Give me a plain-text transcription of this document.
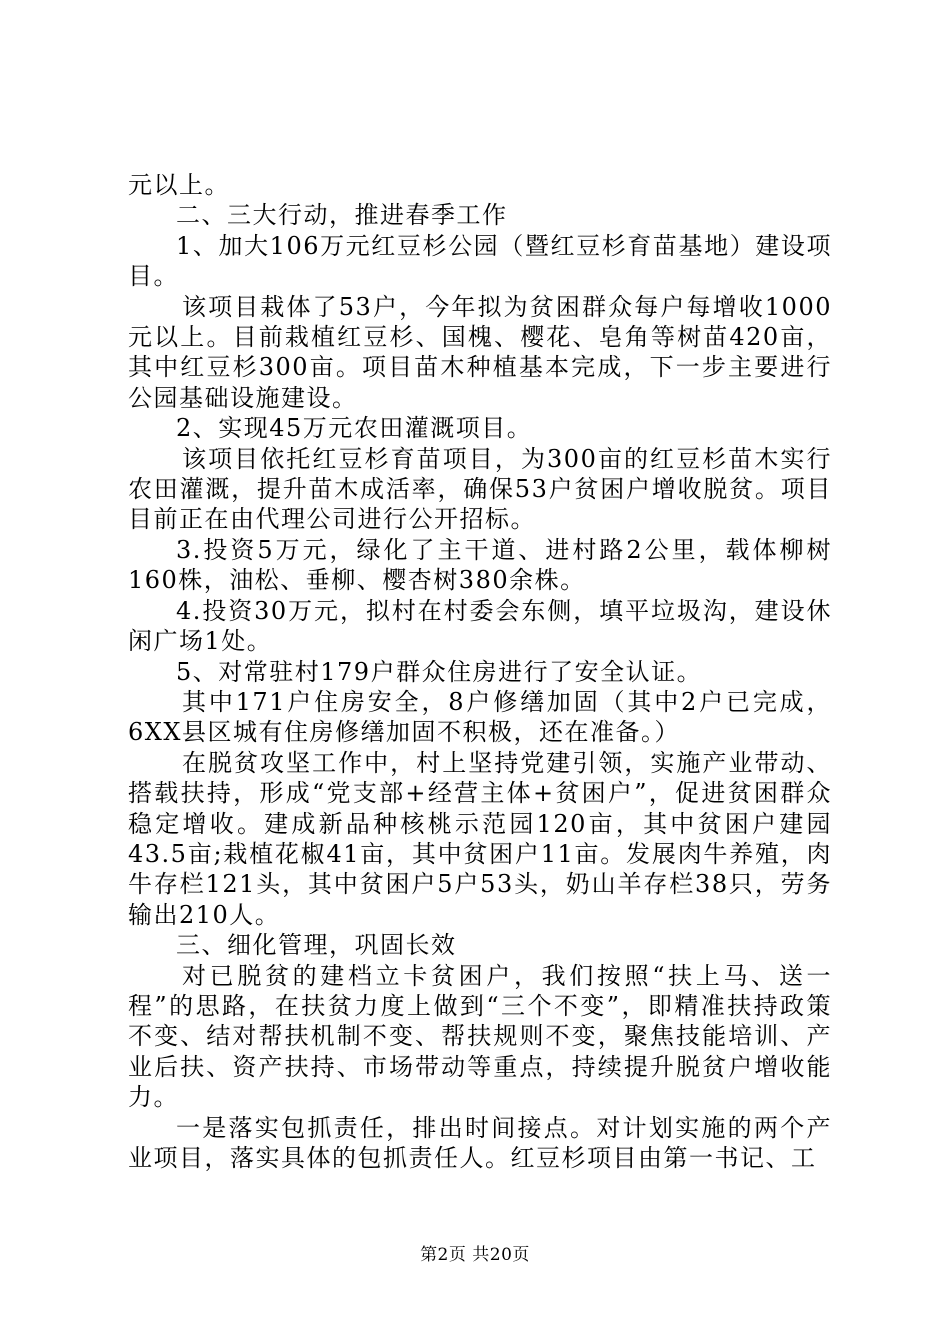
元以上。

二、三大行动，推进春季工作

1、加大106万元红豆杉公园（暨红豆杉育苗基地）建设项目。

该项目栽体了53户，今年拟为贫困群众每户每增收1000元以上。目前栽植红豆杉、国槐、樱花、皂角等树苗420亩，其中红豆杉300亩。项目苗木种植基本完成，下一步主要进行公园基础设施建设。

2、实现45万元农田灌溉项目。

该项目依托红豆杉育苗项目，为300亩的红豆杉苗木实行农田灌溉，提升苗木成活率，确保53户贫困户增收脱贫。项目目前正在由代理公司进行公开招标。

3.投资5万元，绿化了主干道、进村路2公里，载体柳树160株，油松、垂柳、樱杏树380余株。

4.投资30万元，拟村在村委会东侧，填平垃圾沟，建设休闲广场1处。

5、对常驻村179户群众住房进行了安全认证。

其中171户住房安全，8户修缮加固（其中2户已完成，6XX县区城有住房修缮加固不积极，还在准备。）

在脱贫攻坚工作中，村上坚持党建引领，实施产业带动、搭载扶持，形成“党支部+经营主体+贫困户”，促进贫困群众稳定增收。建成新品种核桃示范园120亩，其中贫困户建园43.5亩;栽植花椒41亩，其中贫困户11亩。发展肉牛养殖，肉牛存栏121头，其中贫困户5户53头，奶山羊存栏38只，劳务输出210人。

三、细化管理，巩固长效

对已脱贫的建档立卡贫困户，我们按照“扶上马、送一程”的思路，在扶贫力度上做到“三个不变”，即精准扶持政策不变、结对帮扶机制不变、帮扶规则不变，聚焦技能培训、产业后扶、资产扶持、市场带动等重点，持续提升脱贫户增收能力。

一是落实包抓责任，排出时间接点。对计划实施的两个产业项目，落实具体的包抓责任人。红豆杉项目由第一书记、工

第2页 共20页
